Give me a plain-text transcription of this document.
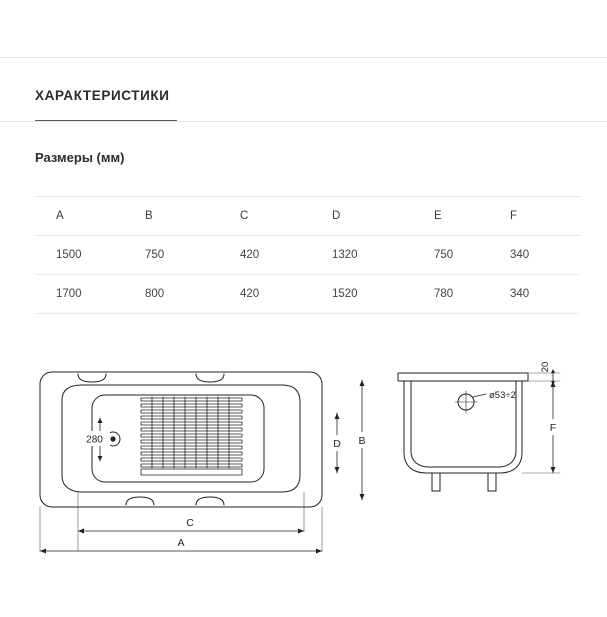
ХАРАКТЕРИСТИКИ
Размеры (мм)
A	B	C	D	E	F
1500	750	420	1320	750	340
1700	800	420	1520	780	340
280
C
A
D B
ø53÷2
20
F
